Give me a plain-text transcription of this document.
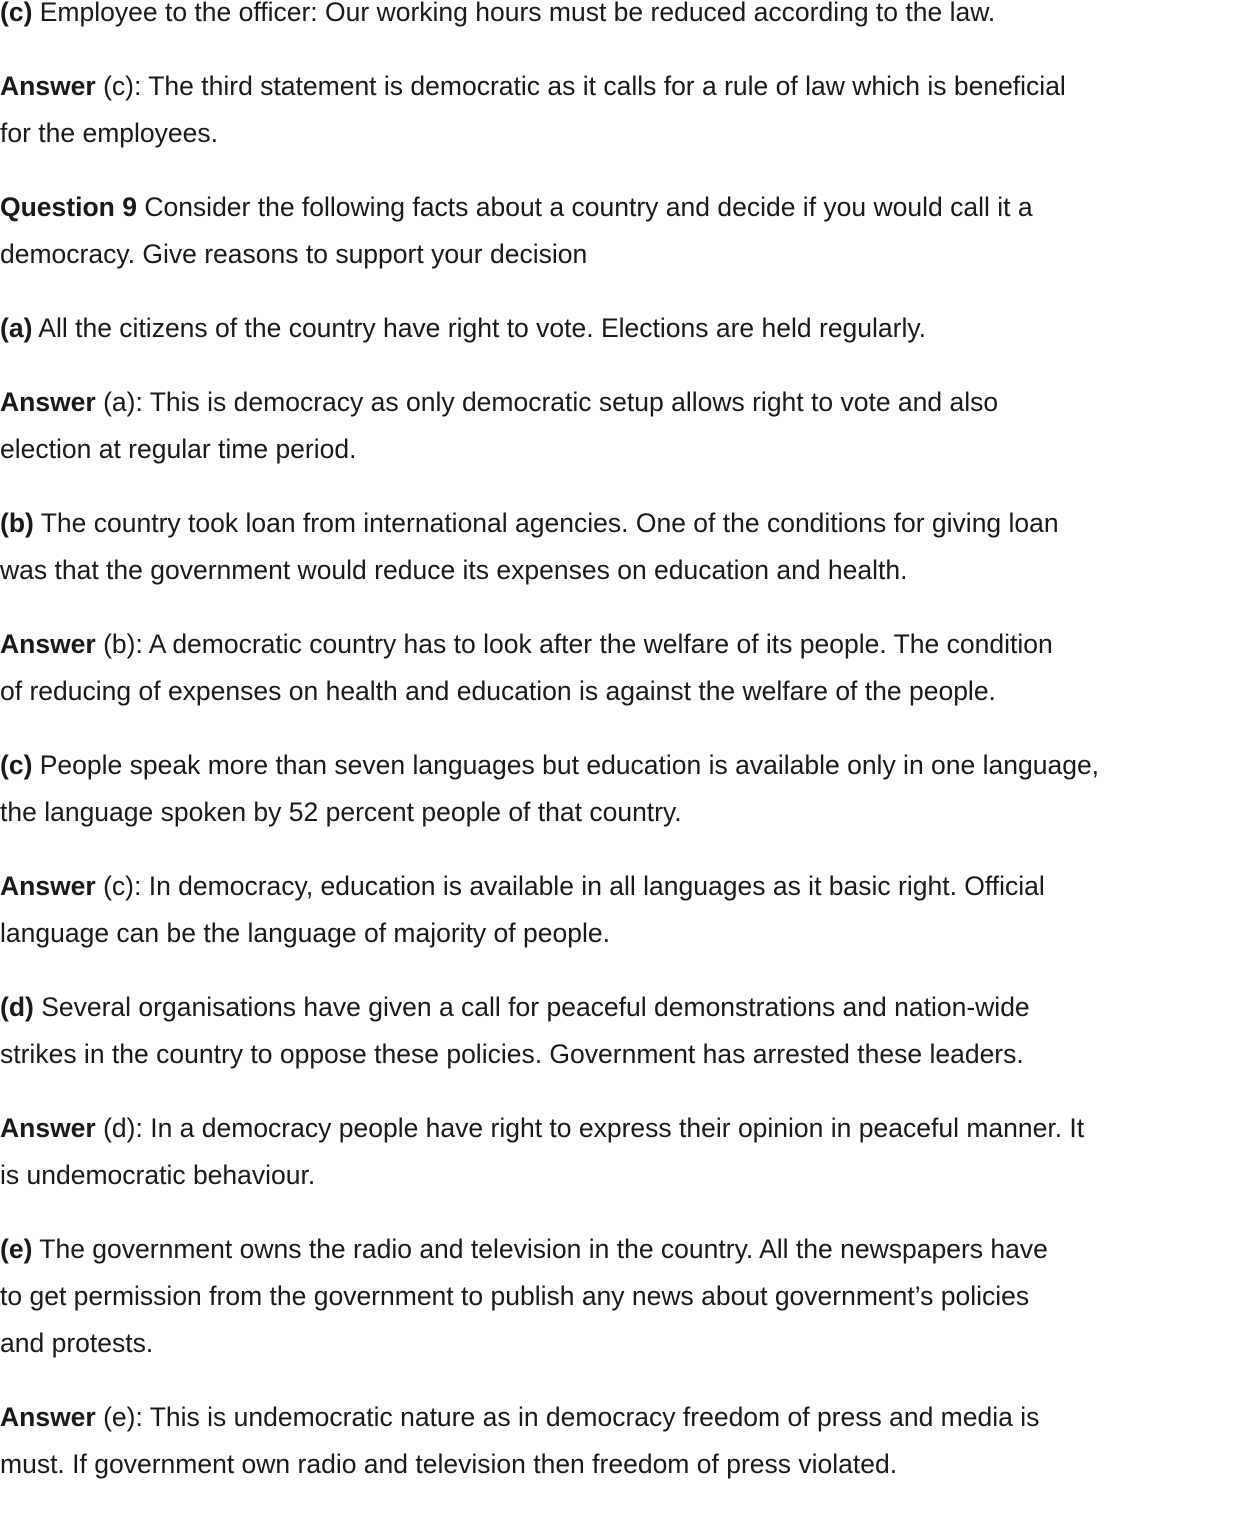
(c) Employee to the officer: Our working hours must be reduced according to the law.
Answer (c): The third statement is democratic as it calls for a rule of law which is beneficial
for the employees.
Question 9 Consider the following facts about a country and decide if you would call it a
democracy. Give reasons to support your decision
(a) All the citizens of the country have right to vote. Elections are held regularly.
Answer (a): This is democracy as only democratic setup allows right to vote and also
election at regular time period.
(b) The country took loan from international agencies. One of the conditions for giving loan
was that the government would reduce its expenses on education and health.
Answer (b): A democratic country has to look after the welfare of its people. The condition
of reducing of expenses on health and education is against the welfare of the people.
(c) People speak more than seven languages but education is available only in one language,
the language spoken by 52 percent people of that country.
Answer (c): In democracy, education is available in all languages as it basic right. Official
language can be the language of majority of people.
(d) Several organisations have given a call for peaceful demonstrations and nation-wide
strikes in the country to oppose these policies. Government has arrested these leaders.
Answer (d): In a democracy people have right to express their opinion in peaceful manner. It
is undemocratic behaviour.
(e) The government owns the radio and television in the country. All the newspapers have
to get permission from the government to publish any news about government’s policies
and protests.
Answer (e): This is undemocratic nature as in democracy freedom of press and media is
must. If government own radio and television then freedom of press violated.
